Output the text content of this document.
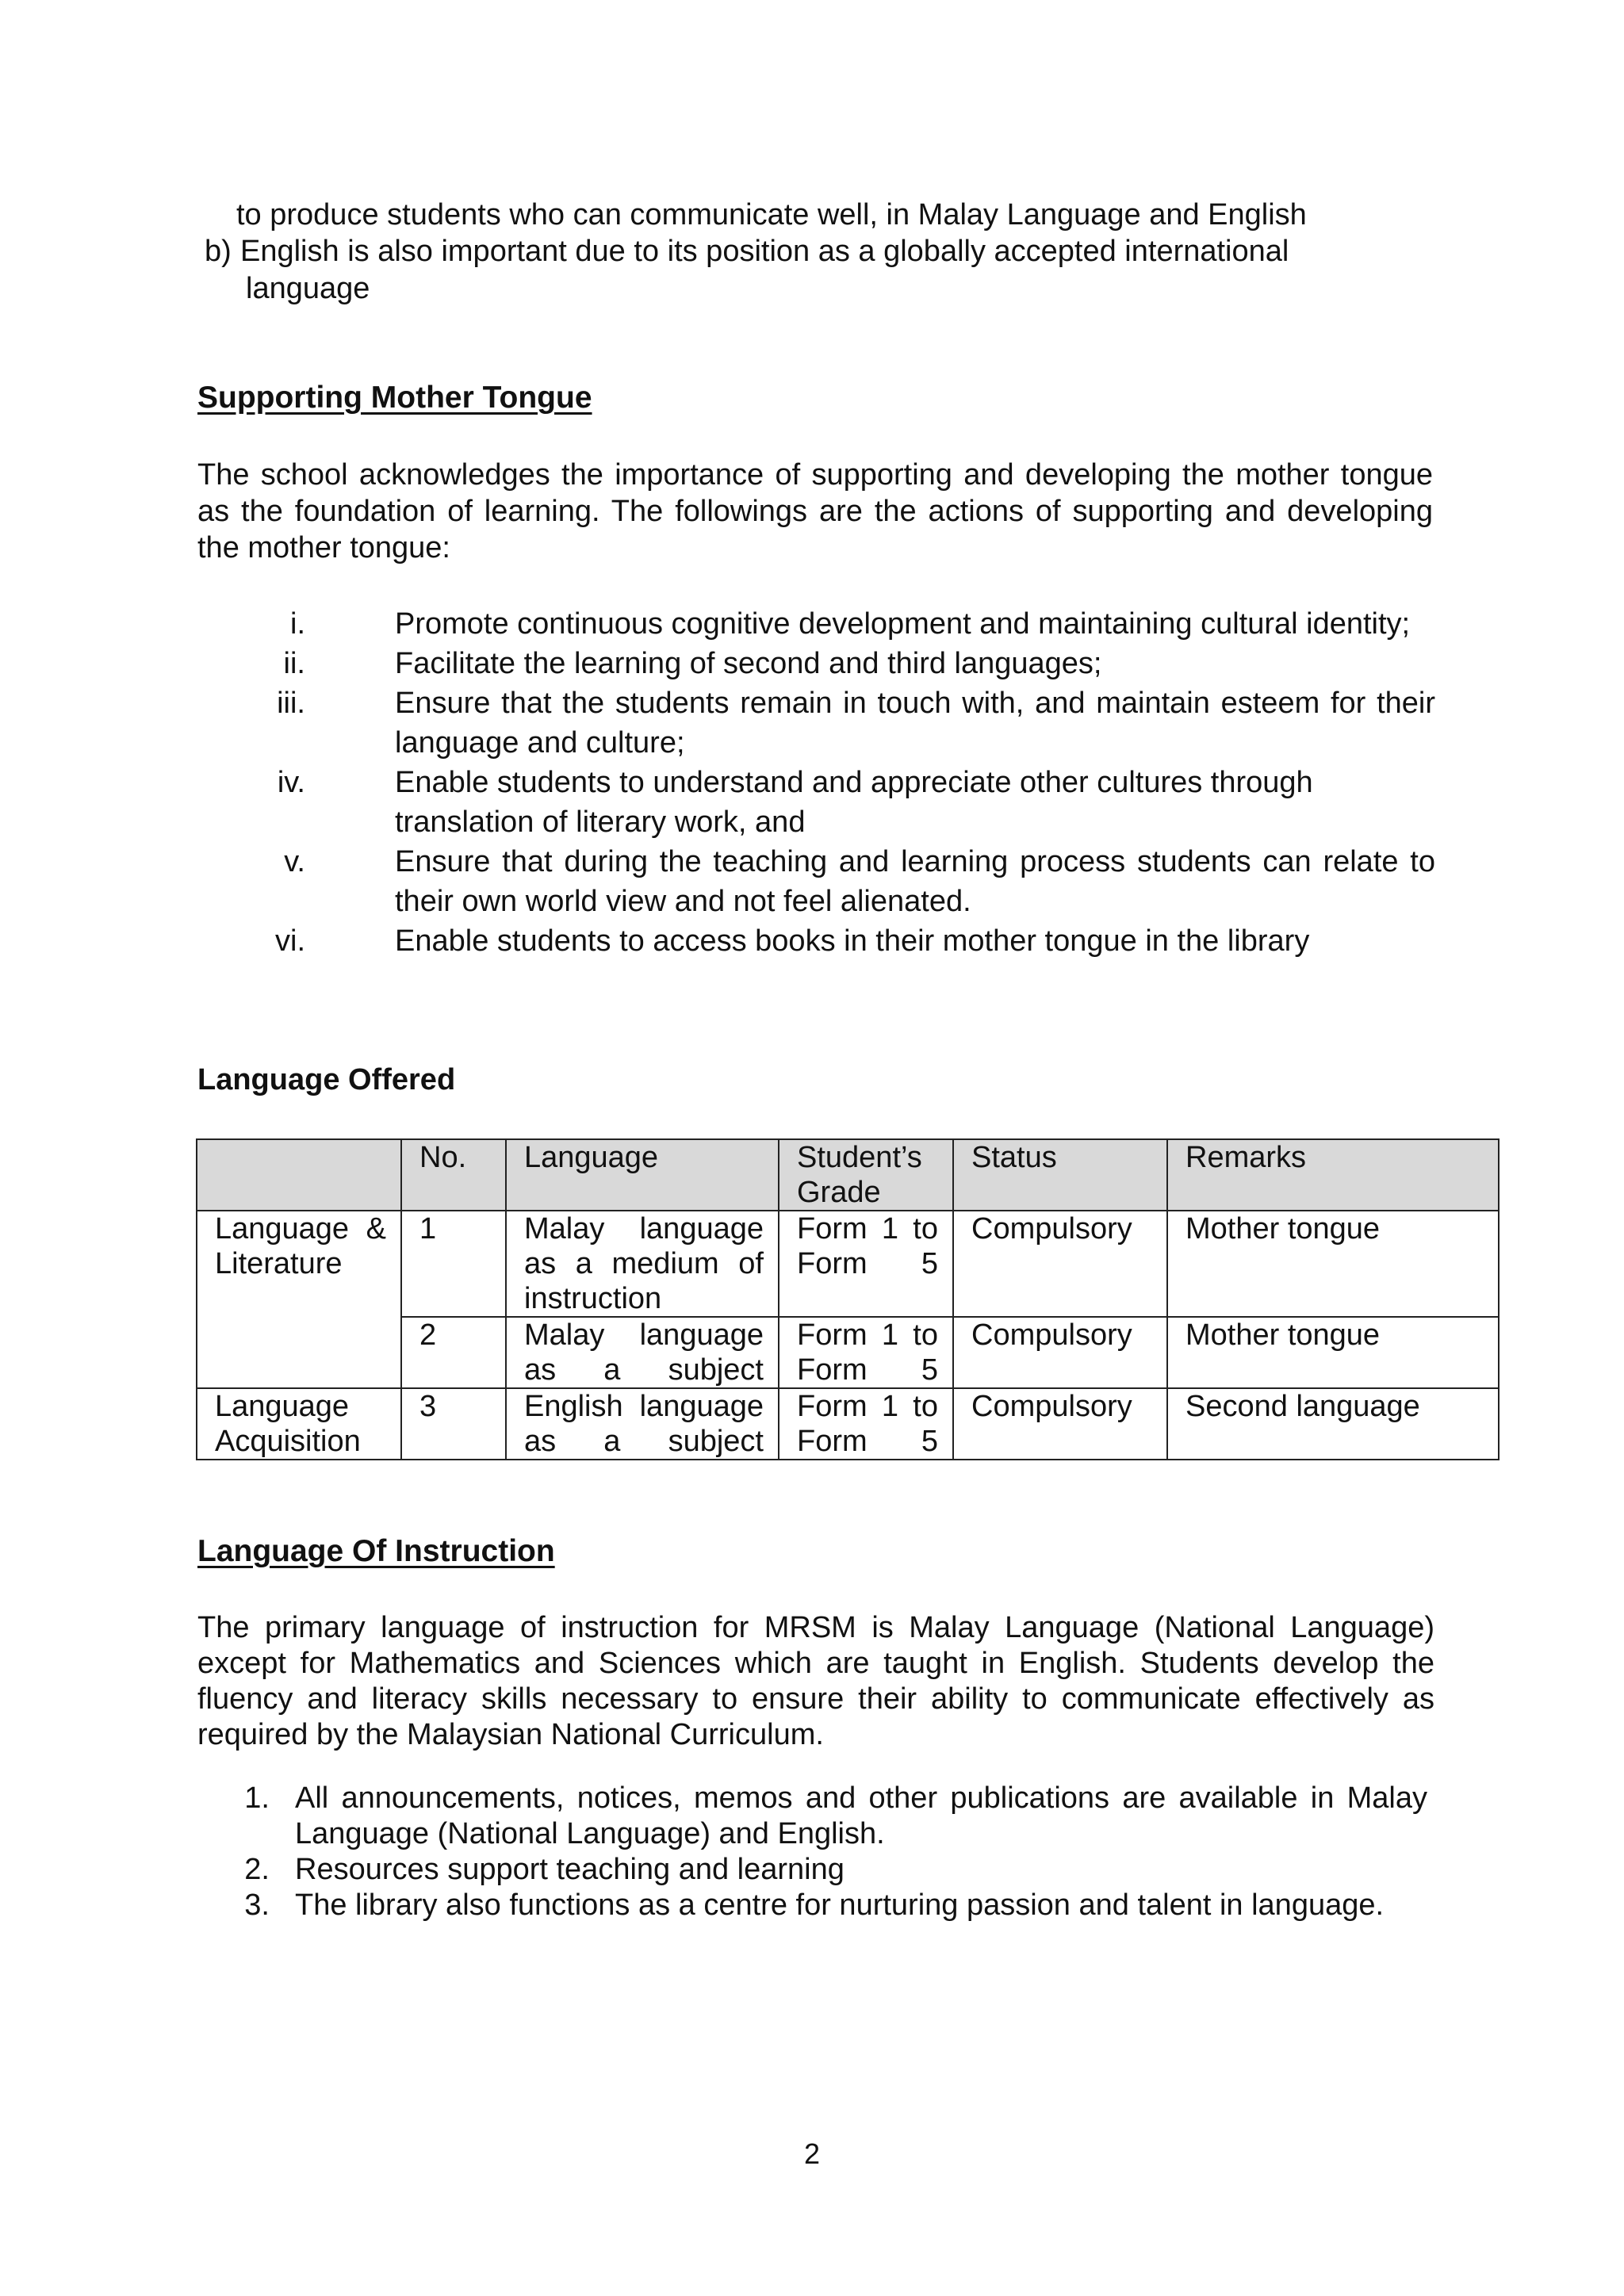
to produce students who can communicate well, in Malay Language and English
b) English is also important due to its position as a globally accepted international
language
Supporting Mother Tongue
The school acknowledges the importance of supporting and developing the mother tongue as the foundation of learning. The followings are the actions of supporting and developing the mother tongue:
i.	Promote continuous cognitive development and maintaining cultural identity;
ii.	Facilitate the learning of second and third languages;
iii.	Ensure that the students remain in touch with, and maintain esteem for their language and culture;
iv.	Enable students to understand and appreciate other cultures through translation of literary work, and
v.	Ensure that during the teaching and learning process students can relate to their own world view and not feel alienated.
vi.	Enable students to access books in their mother tongue in the library
Language Offered
	No.	Language	Student’s Grade	Status	Remarks
Language & Literature	1	Malay language as a medium of instruction	Form 1 to Form 5	Compulsory	Mother tongue
	2	Malay language as a subject	Form 1 to Form 5	Compulsory	Mother tongue
Language Acquisition	3	English language as a subject	Form 1 to Form 5	Compulsory	Second language
Language Of Instruction
The primary language of instruction for MRSM is Malay Language (National Language) except for Mathematics and Sciences which are taught in English. Students develop the fluency and literacy skills necessary to ensure their ability to communicate effectively as required by the Malaysian National Curriculum.
1. All announcements, notices, memos and other publications are available in Malay Language (National Language) and English.
2. Resources support teaching and learning
3. The library also functions as a centre for nurturing passion and talent in language.
2
